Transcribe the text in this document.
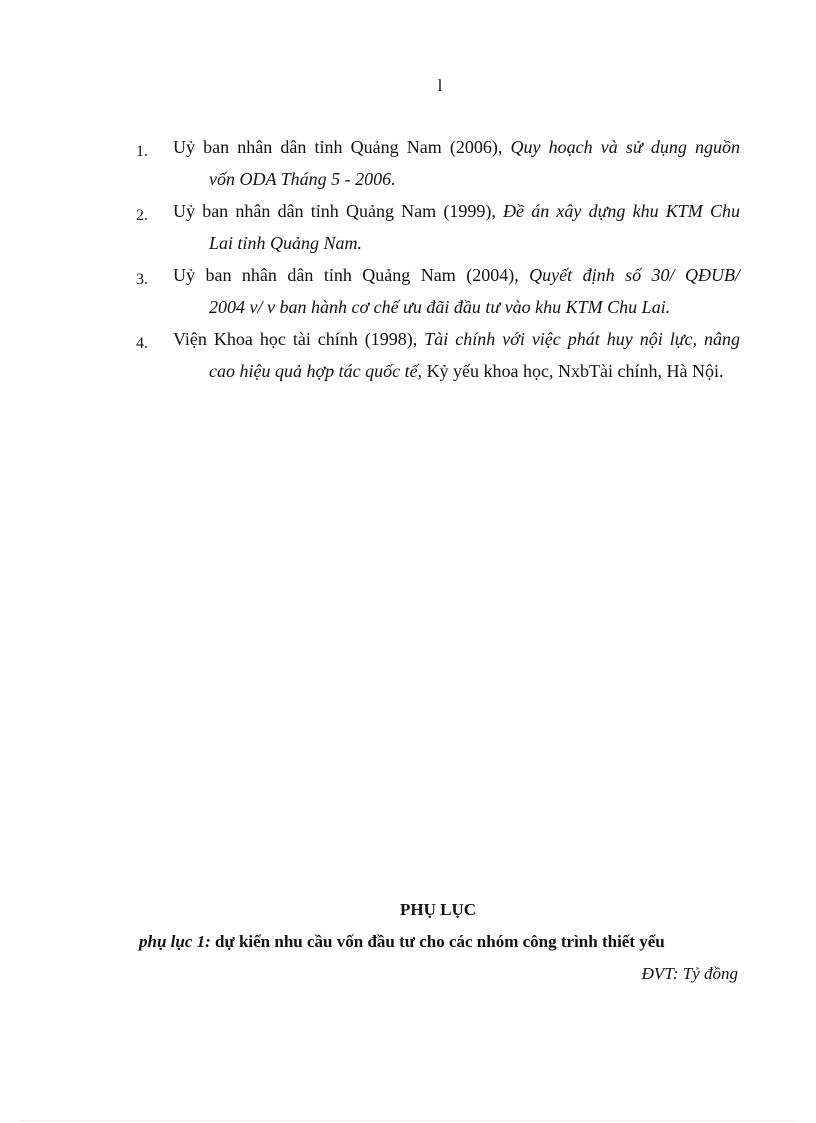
l
1. Uỷ ban nhân dân tỉnh Quảng Nam (2006), Quy hoạch và sử dụng nguồn
vốn ODA Tháng 5 - 2006.
2. Uỷ ban nhân dân tỉnh Quảng Nam (1999), Đề án xây dựng khu KTM Chu
Lai tỉnh Quảng Nam.
3. Uỷ ban nhân dân tỉnh Quảng Nam (2004), Quyết định số 30/ QĐUB/
2004 v/ v ban hành cơ chế ưu đãi đầu tư vào khu KTM Chu Lai.
4. Viện Khoa học tài chính (1998), Tài chính với việc phát huy nội lực, nâng
cao hiệu quả hợp tác quốc tế, Kỷ yếu khoa học, NxbTài chính, Hà Nội.
PHỤ LỤC
phụ lục 1: dự kiến nhu cầu vốn đầu tư cho các nhóm công trình thiết yếu
ĐVT: Tỷ đồng
